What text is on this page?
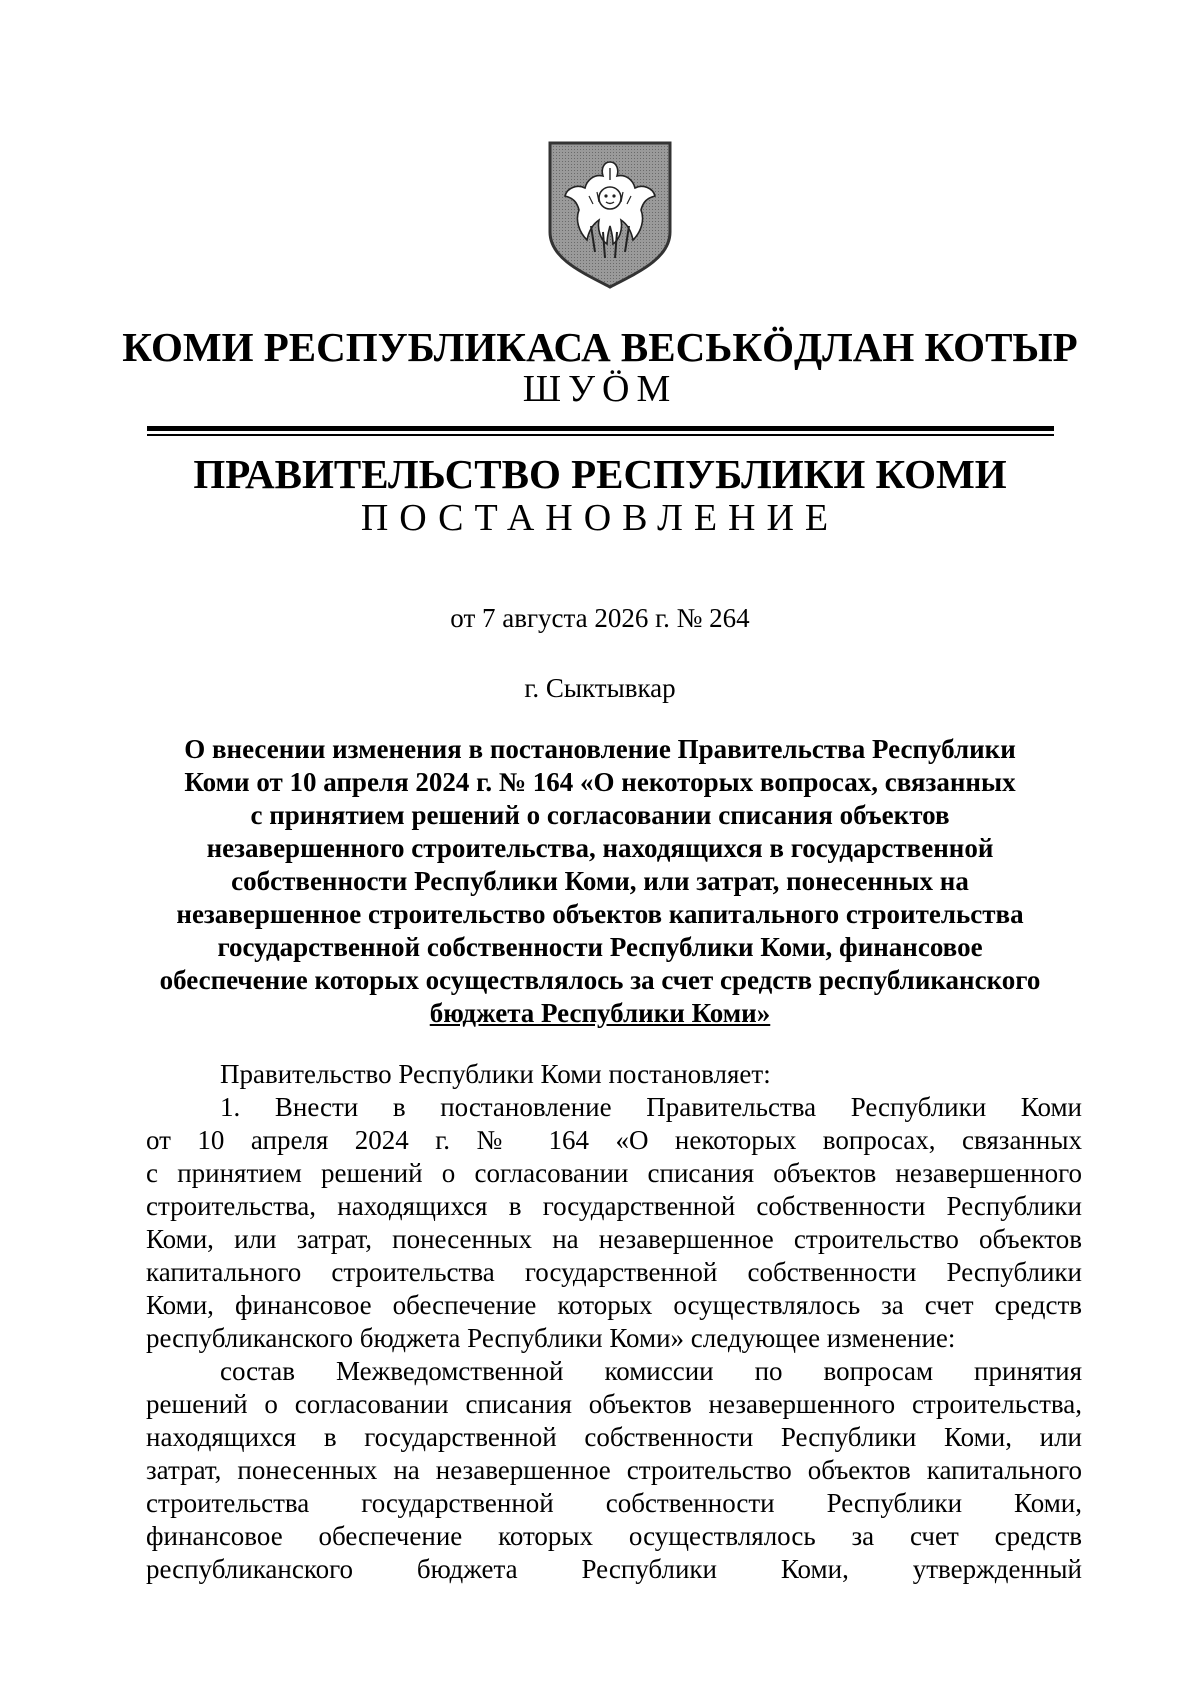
КОМИ РЕСПУБЛИКАСА ВЕСЬКӦДЛАН КОТЫР
ШУӦМ
ПРАВИТЕЛЬСТВО РЕСПУБЛИКИ КОМИ
ПОСТАНОВЛЕНИЕ
от 7 августа 2026 г. № 264
г. Сыктывкар
О внесении изменения в постановление Правительства Республики
Коми от 10 апреля 2024 г. № 164 «О некоторых вопросах, связанных
с принятием решений о согласовании списания объектов
незавершенного строительства, находящихся в государственной
собственности Республики Коми, или затрат, понесенных на
незавершенное строительство объектов капитального строительства
государственной собственности Республики Коми, финансовое
обеспечение которых осуществлялось за счет средств республиканского
бюджета Республики Коми»
Правительство Республики Коми постановляет:
1. Внести в постановление Правительства Республики Коми
от 10 апреля 2024 г. № 164 «О некоторых вопросах, связанных
с принятием решений о согласовании списания объектов незавершенного
строительства, находящихся в государственной собственности Республики
Коми, или затрат, понесенных на незавершенное строительство объектов
капитального строительства государственной собственности Республики
Коми, финансовое обеспечение которых осуществлялось за счет средств
республиканского бюджета Республики Коми» следующее изменение:
состав Межведомственной комиссии по вопросам принятия
решений о согласовании списания объектов незавершенного строительства,
находящихся в государственной собственности Республики Коми, или
затрат, понесенных на незавершенное строительство объектов капитального
строительства государственной собственности Республики Коми,
финансовое обеспечение которых осуществлялось за счет средств
республиканского бюджета Республики Коми, утвержденный
